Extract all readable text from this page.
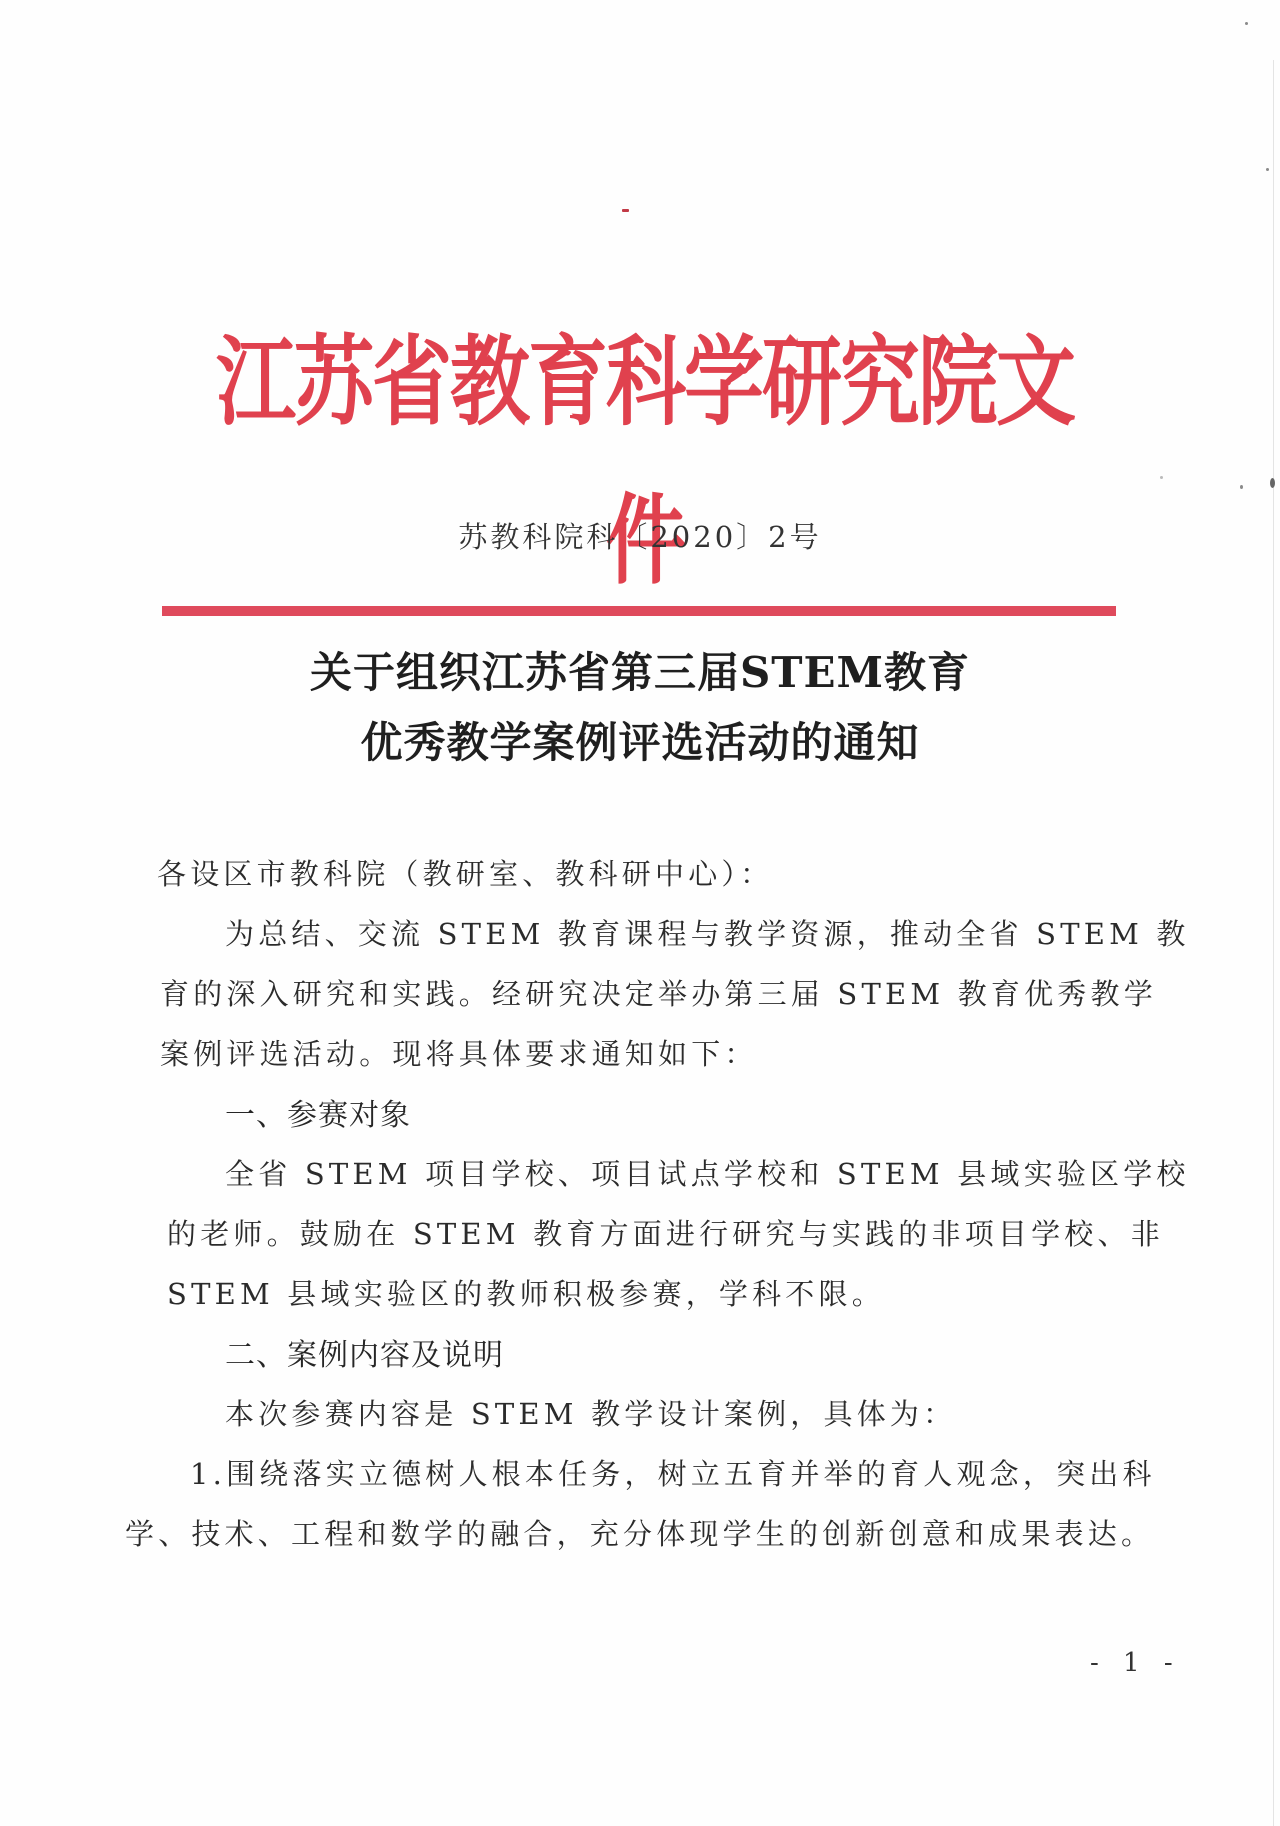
江苏省教育科学研究院文件
苏教科院科〔2020〕2号
关于组织江苏省第三届STEM教育
优秀教学案例评选活动的通知
各设区市教科院（教研室、教科研中心）：
为总结、交流 STEM 教育课程与教学资源，推动全省 STEM 教
育的深入研究和实践。经研究决定举办第三届 STEM 教育优秀教学
案例评选活动。现将具体要求通知如下：
一、参赛对象
全省 STEM 项目学校、项目试点学校和 STEM 县域实验区学校
的老师。鼓励在 STEM 教育方面进行研究与实践的非项目学校、非
STEM 县域实验区的教师积极参赛，学科不限。
二、案例内容及说明
本次参赛内容是 STEM 教学设计案例，具体为：
1.围绕落实立德树人根本任务，树立五育并举的育人观念，突出科
学、技术、工程和数学的融合，充分体现学生的创新创意和成果表达。
- 1 -
